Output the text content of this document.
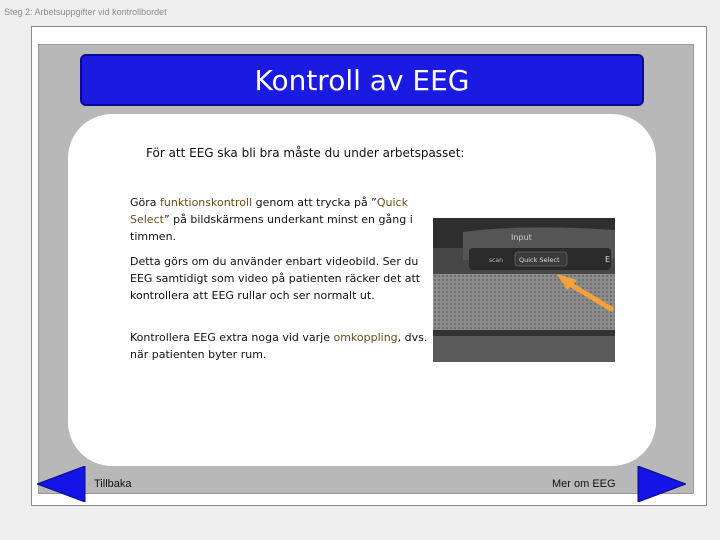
Steg 2: Arbetsuppgifter vid kontrollbordet
Kontroll av EEG
För att EEG ska bli bra måste du under arbetspasset:
Göra funktionskontroll genom att trycka på ”Quick Select” på bildskärmens underkant minst en gång i timmen.
Detta görs om du använder enbart videobild. Ser du EEG samtidigt som video på patienten räcker det att kontrollera att EEG rullar och ser normalt ut.
Kontrollera EEG extra noga vid varje omkoppling, dvs. när patienten byter rum.
Input
scan Quick Select	E
Tillbaka	Mer om EEG
